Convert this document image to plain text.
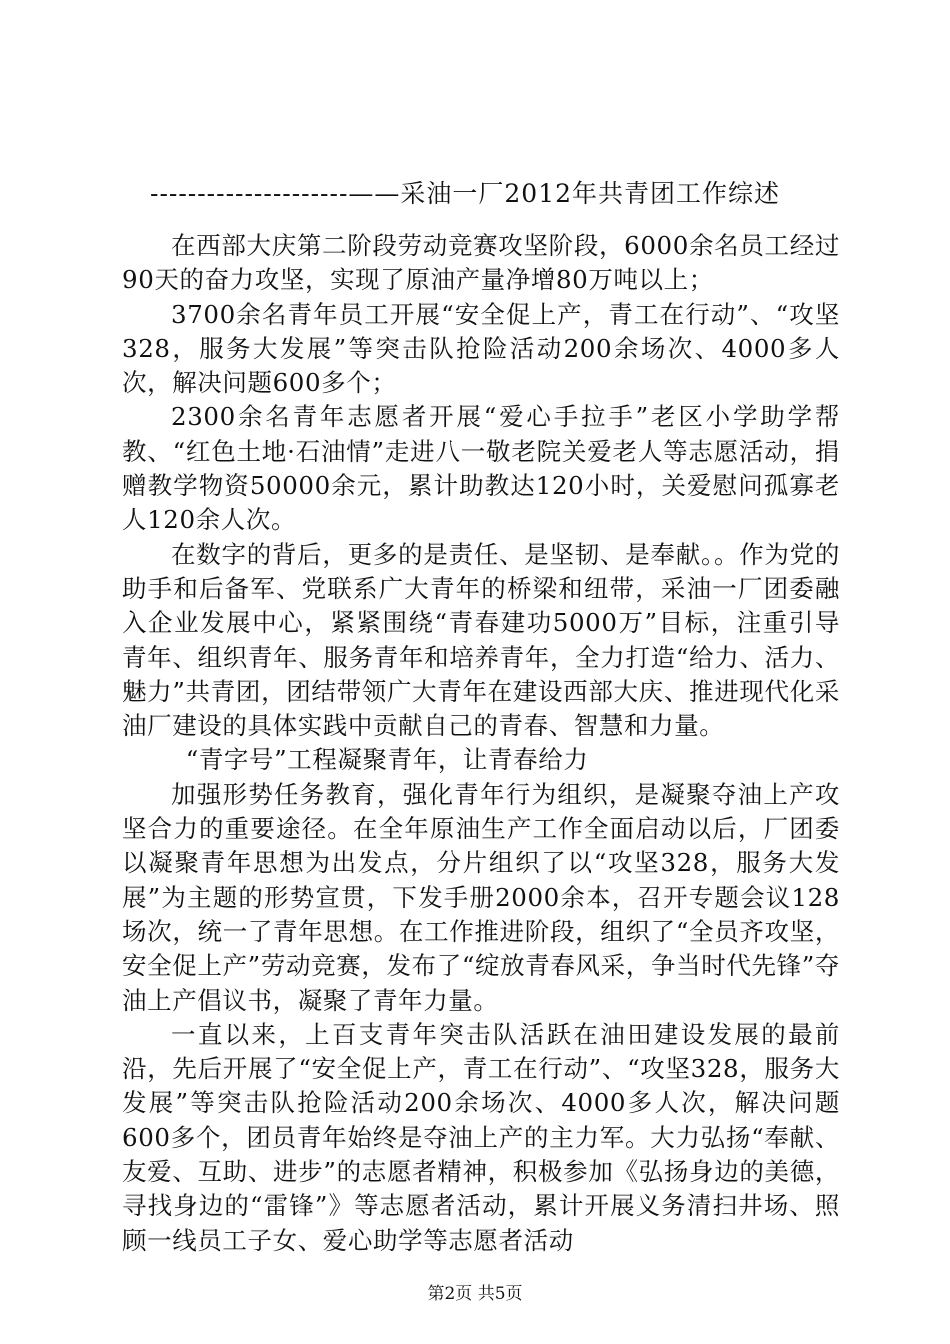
---------------------——采油一厂2012年共青团工作综述

在西部大庆第二阶段劳动竞赛攻坚阶段，6000余名员工经过90天的奋力攻坚，实现了原油产量净增80万吨以上；

3700余名青年员工开展“安全促上产，青工在行动”、“攻坚328，服务大发展”等突击队抢险活动200余场次、4000多人次，解决问题600多个；

2300余名青年志愿者开展“爱心手拉手”老区小学助学帮教、“红色土地·石油情”走进八一敬老院关爱老人等志愿活动，捐赠教学物资50000余元，累计助教达120小时，关爱慰问孤寡老人120余人次。

在数字的背后，更多的是责任、是坚韧、是奉献。。作为党的助手和后备军、党联系广大青年的桥梁和纽带，采油一厂团委融入企业发展中心，紧紧围绕“青春建功5000万”目标，注重引导青年、组织青年、服务青年和培养青年，全力打造“给力、活力、魅力”共青团，团结带领广大青年在建设西部大庆、推进现代化采油厂建设的具体实践中贡献自己的青春、智慧和力量。

“青字号”工程凝聚青年，让青春给力

加强形势任务教育，强化青年行为组织，是凝聚夺油上产攻坚合力的重要途径。在全年原油生产工作全面启动以后，厂团委以凝聚青年思想为出发点，分片组织了以“攻坚328，服务大发展”为主题的形势宣贯，下发手册2000余本，召开专题会议128场次，统一了青年思想。在工作推进阶段，组织了“全员齐攻坚，安全促上产”劳动竞赛，发布了“绽放青春风采，争当时代先锋”夺油上产倡议书，凝聚了青年力量。

一直以来，上百支青年突击队活跃在油田建设发展的最前沿，先后开展了“安全促上产，青工在行动”、“攻坚328，服务大发展”等突击队抢险活动200余场次、4000多人次，解决问题600多个，团员青年始终是夺油上产的主力军。大力弘扬“奉献、友爱、互助、进步”的志愿者精神，积极参加《弘扬身边的美德，寻找身边的“雷锋”》等志愿者活动，累计开展义务清扫井场、照顾一线员工子女、爱心助学等志愿者活动

第2页 共5页
